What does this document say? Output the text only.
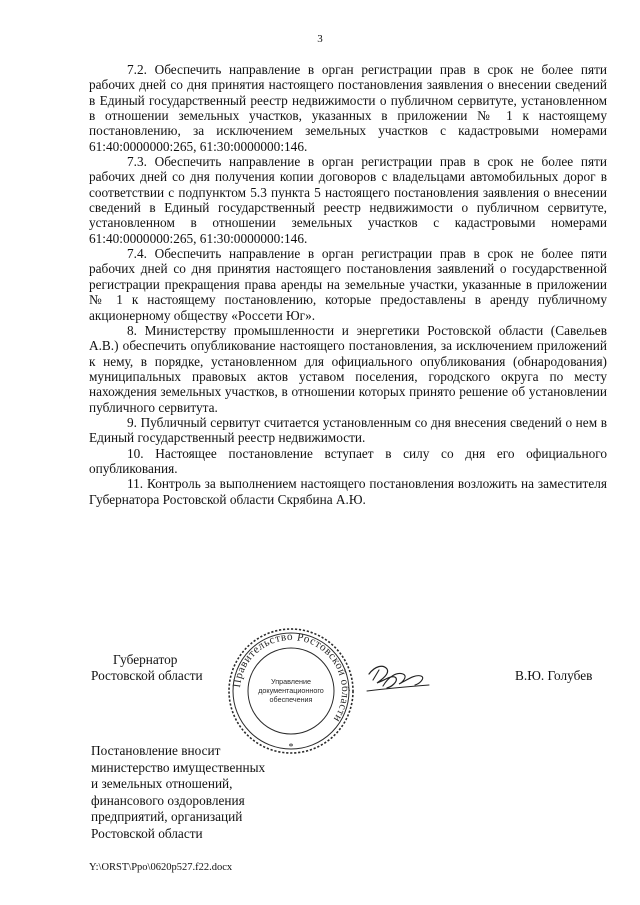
3

7.2. Обеспечить направление в орган регистрации прав в срок не более пяти рабочих дней со дня принятия настоящего постановления заявления о внесении сведений в Единый государственный реестр недвижимости о публичном сервитуте, установленном в отношении земельных участков, указанных в приложении № 1 к настоящему постановлению, за исключением земельных участков с кадастровыми номерами 61:40:0000000:265, 61:30:0000000:146.

7.3. Обеспечить направление в орган регистрации прав в срок не более пяти рабочих дней со дня получения копии договоров с владельцами автомобильных дорог в соответствии с подпунктом 5.3 пункта 5 настоящего постановления заявления о внесении сведений в Единый государственный реестр недвижимости о публичном сервитуте, установленном в отношении земельных участков с кадастровыми номерами 61:40:0000000:265, 61:30:0000000:146.

7.4. Обеспечить направление в орган регистрации прав в срок не более пяти рабочих дней со дня принятия настоящего постановления заявлений о государственной регистрации прекращения права аренды на земельные участки, указанные в приложении № 1 к настоящему постановлению, которые предоставлены в аренду публичному акционерному обществу «Россети Юг».

8. Министерству промышленности и энергетики Ростовской области (Савельев А.В.) обеспечить опубликование настоящего постановления, за исключением приложений к нему, в порядке, установленном для официального опубликования (обнародования) муниципальных правовых актов уставом поселения, городского округа по месту нахождения земельных участков, в отношении которых принято решение об установлении публичного сервитута.

9. Публичный сервитут считается установленным со дня внесения сведений о нем в Единый государственный реестр недвижимости.

10. Настоящее постановление вступает в силу со дня его официального опубликования.

11. Контроль за выполнением настоящего постановления возложить на заместителя Губернатора Ростовской области Скрябина А.Ю.

Губернатор
Ростовской области
Правительство Ростовской области
Управление
документационного
обеспечения
*
В.Ю. Голубев
Постановление вносит
министерство имущественных
и земельных отношений,
финансового оздоровления
предприятий, организаций
Ростовской области
Y:\ORST\Ppo\0620p527.f22.docx
